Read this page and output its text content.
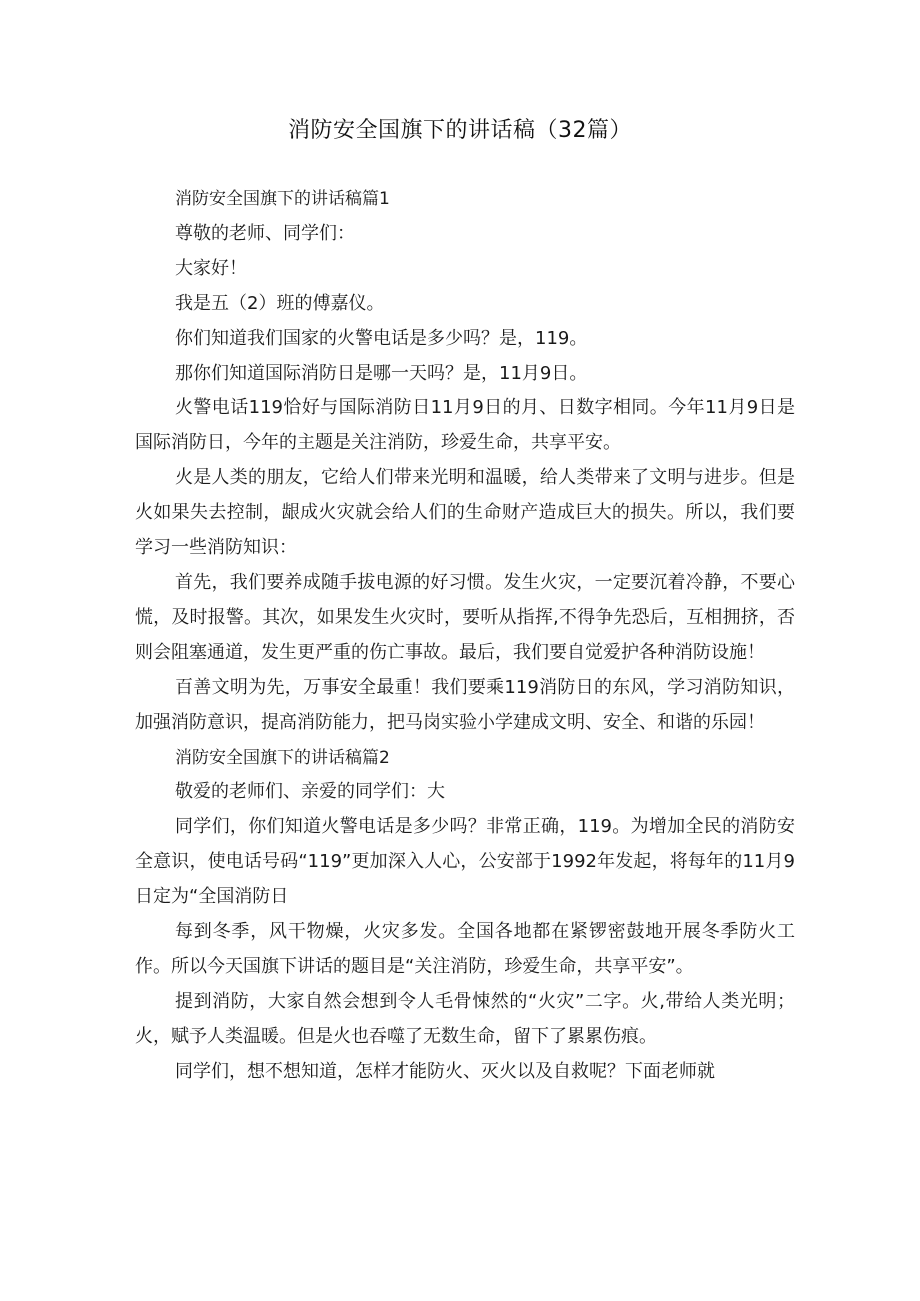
消防安全国旗下的讲话稿（32篇）

消防安全国旗下的讲话稿篇1

尊敬的老师、同学们：

大家好！

我是五（2）班的傅嘉仪。

你们知道我们国家的火警电话是多少吗？是，119。

那你们知道国际消防日是哪一天吗？是，11月9日。

火警电话119恰好与国际消防日11月9日的月、日数字相同。今年11月9日是国际消防日，今年的主题是关注消防，珍爱生命，共享平安。

火是人类的朋友，它给人们带来光明和温暖，给人类带来了文明与进步。但是火如果失去控制，龈成火灾就会给人们的生命财产造成巨大的损失。所以，我们要学习一些消防知识：

首先，我们要养成随手拔电源的好习惯。发生火灾，一定要沉着冷静，不要心慌，及时报警。其次，如果发生火灾时，要听从指挥,不得争先恐后，互相拥挤，否则会阻塞通道，发生更严重的伤亡事故。最后，我们要自觉爱护各种消防设施！

百善文明为先，万事安全最重！我们要乘119消防日的东风，学习消防知识，加强消防意识，提高消防能力，把马岗实验小学建成文明、安全、和谐的乐园！

消防安全国旗下的讲话稿篇2

敬爱的老师们、亲爱的同学们：大

同学们，你们知道火警电话是多少吗？非常正确，119。为增加全民的消防安全意识，使电话号码“119”更加深入人心，公安部于1992年发起，将每年的11月9日定为“全国消防日

每到冬季，风干物燥，火灾多发。全国各地都在紧锣密鼓地开展冬季防火工作。所以今天国旗下讲话的题目是“关注消防，珍爱生命，共享平安”。

提到消防，大家自然会想到令人毛骨悚然的“火灾”二字。火,带给人类光明；火，赋予人类温暖。但是火也吞噬了无数生命，留下了累累伤痕。

同学们，想不想知道，怎样才能防火、灭火以及自救呢？下面老师就
